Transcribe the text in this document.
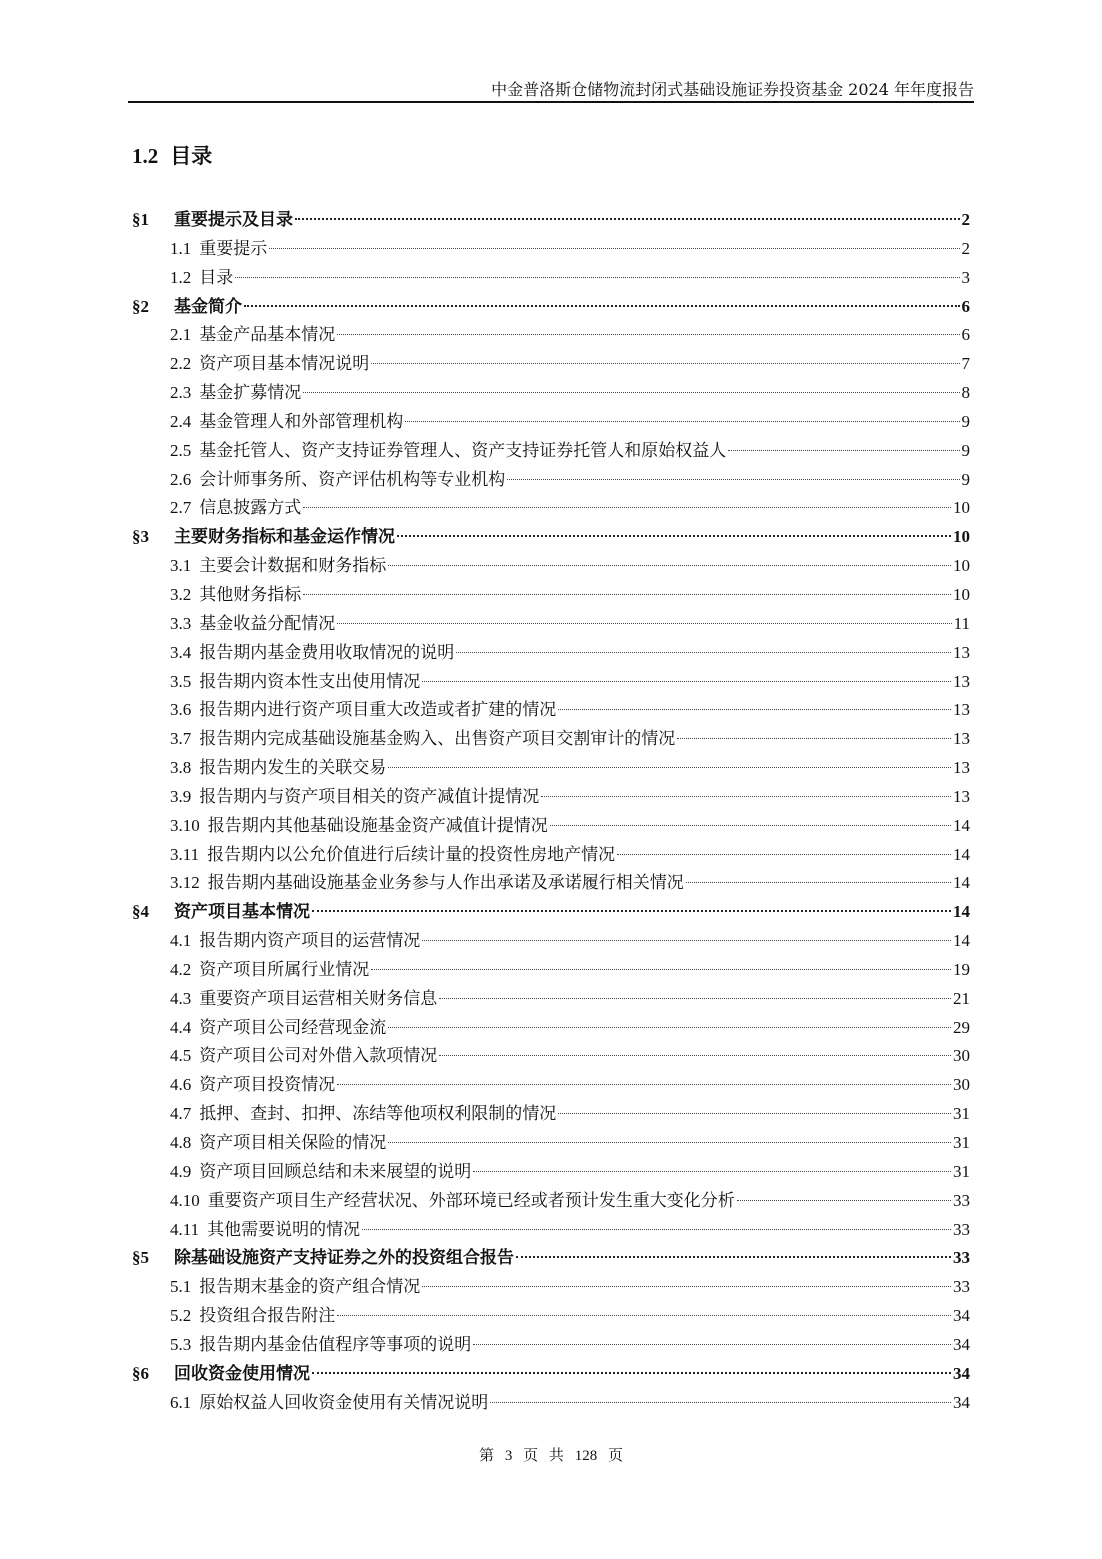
中金普洛斯仓储物流封闭式基础设施证券投资基金 2024 年年度报告
1.2 目录
§1	重要提示及目录	2
1.1 重要提示	2
1.2 目录	3
§2	基金简介	6
2.1 基金产品基本情况	6
2.2 资产项目基本情况说明	7
2.3 基金扩募情况	8
2.4 基金管理人和外部管理机构	9
2.5 基金托管人、资产支持证券管理人、资产支持证券托管人和原始权益人	9
2.6 会计师事务所、资产评估机构等专业机构	9
2.7 信息披露方式	10
§3	主要财务指标和基金运作情况	10
3.1 主要会计数据和财务指标	10
3.2 其他财务指标	10
3.3 基金收益分配情况	11
3.4 报告期内基金费用收取情况的说明	13
3.5 报告期内资本性支出使用情况	13
3.6 报告期内进行资产项目重大改造或者扩建的情况	13
3.7 报告期内完成基础设施基金购入、出售资产项目交割审计的情况	13
3.8 报告期内发生的关联交易	13
3.9 报告期内与资产项目相关的资产减值计提情况	13
3.10 报告期内其他基础设施基金资产减值计提情况	14
3.11 报告期内以公允价值进行后续计量的投资性房地产情况	14
3.12 报告期内基础设施基金业务参与人作出承诺及承诺履行相关情况	14
§4	资产项目基本情况	14
4.1 报告期内资产项目的运营情况	14
4.2 资产项目所属行业情况	19
4.3 重要资产项目运营相关财务信息	21
4.4 资产项目公司经营现金流	29
4.5 资产项目公司对外借入款项情况	30
4.6 资产项目投资情况	30
4.7 抵押、查封、扣押、冻结等他项权利限制的情况	31
4.8 资产项目相关保险的情况	31
4.9 资产项目回顾总结和未来展望的说明	31
4.10 重要资产项目生产经营状况、外部环境已经或者预计发生重大变化分析	33
4.11 其他需要说明的情况	33
§5	除基础设施资产支持证券之外的投资组合报告	33
5.1 报告期末基金的资产组合情况	33
5.2 投资组合报告附注	34
5.3 报告期内基金估值程序等事项的说明	34
§6	回收资金使用情况	34
6.1 原始权益人回收资金使用有关情况说明	34
第 3 页 共 128 页
